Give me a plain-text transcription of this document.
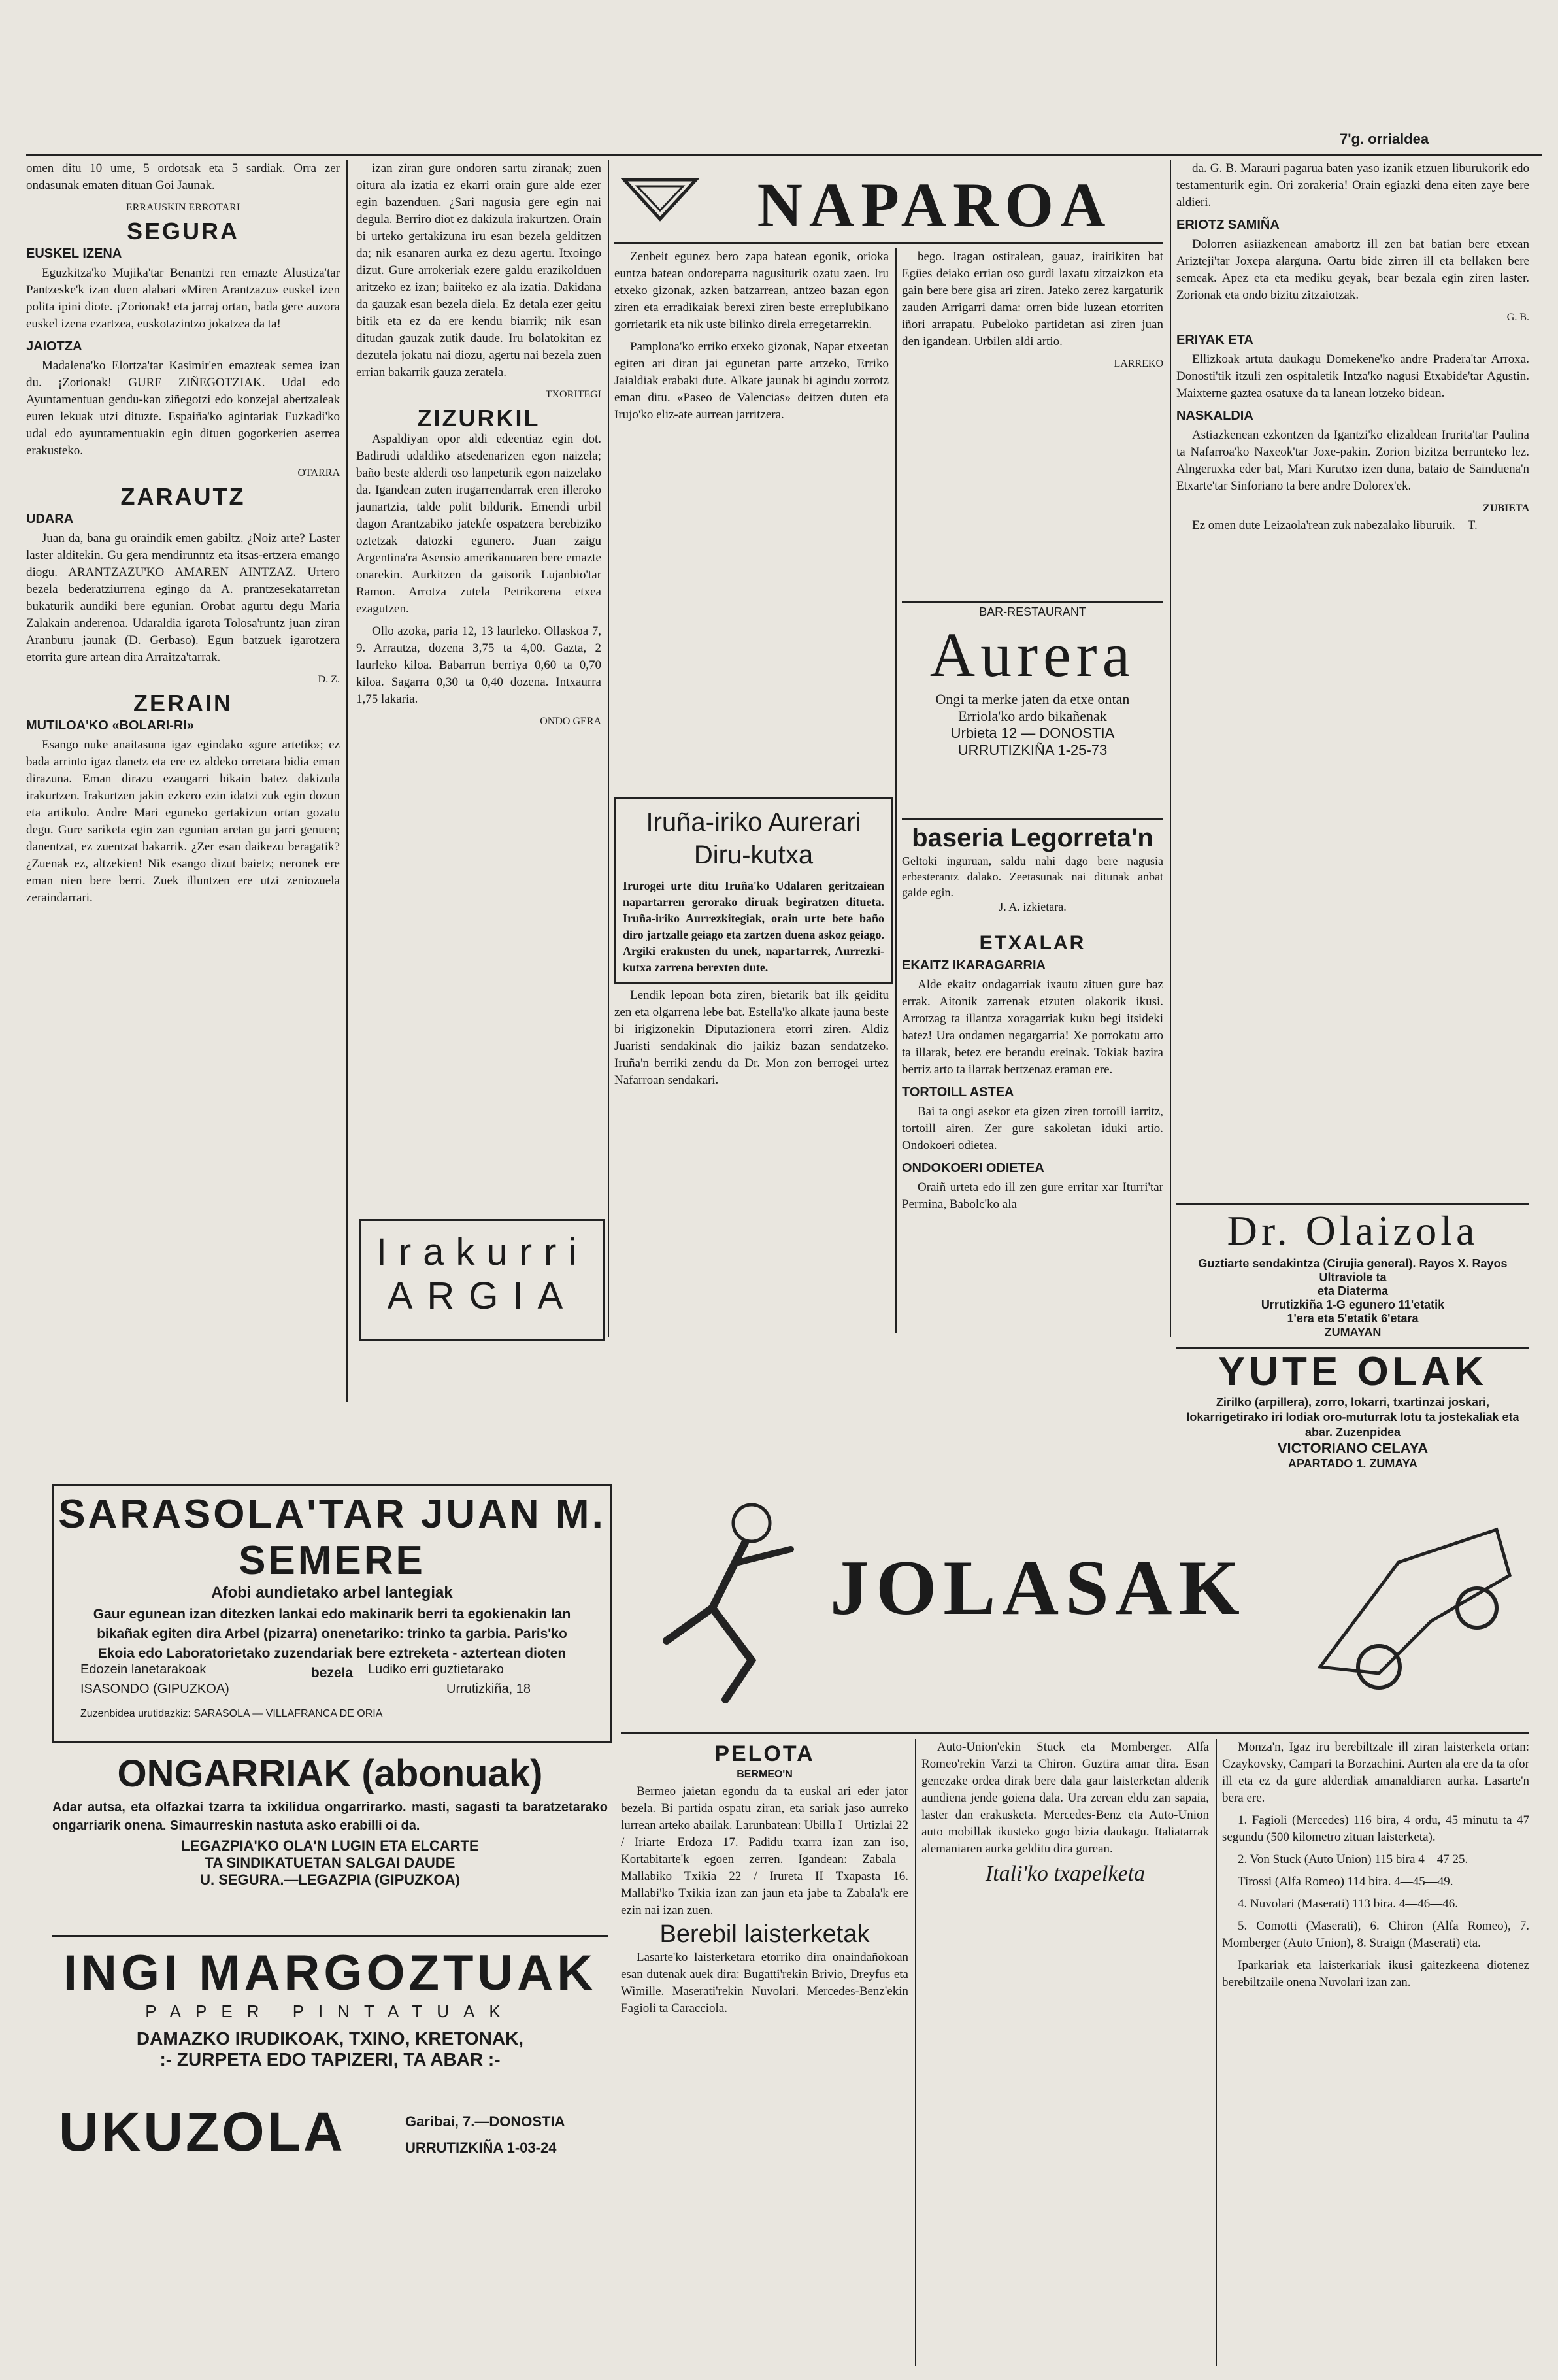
7'g. orrialdea

omen ditu 10 ume, 5 ordotsak eta 5 sardiak. Orra zer ondasunak ematen dituan Goi Jaunak.

ERRAUSKIN ERROTARI
SEGURA
EUSKEL IZENA

Eguzkitza'ko Mujika'tar Benantzi ren emazte Alustiza'tar Pantzeske'k izan duen alabari «Miren Arantzazu» euskel izen polita ipini diote. ¡Zorionak! eta jarraj ortan, bada gere auzora euskel izena ezartzea, euskotazintzo jokatzea da ta!

JAIOTZA

Madalena'ko Elortza'tar Kasimir'en emazteak semea izan du. ¡Zorionak! GURE ZIÑEGOTZIAK. Udal edo Ayuntamentuan gendu-kan ziñegotzi edo konzejal abertzaleak euren lekuak utzi dituzte. Espaiña'ko agintariak Euzkadi'ko udal edo ayuntamentuakin egin dituen gogorkerien aserrea erakusteko.

OTARRA
ZARAUTZ
UDARA

Juan da, bana gu oraindik emen gabiltz. ¿Noiz arte? Laster laster alditekin. Gu gera mendirunntz eta itsas-ertzera emango diogu. ARANTZAZU'KO AMAREN AINTZAZ. Urtero bezela bederatziurrena egingo da A. prantzesekatarretan bukaturik aundiki bere egunian. Orobat agurtu degu Maria Zalakain anderenoa. Udaraldia igarota Tolosa'runtz juan ziran Aranburu jaunak (D. Gerbaso). Egun batzuek igarotzera etorrita gure artean dira Arraitza'tarrak.

D. Z.
ZERAIN
MUTILOA'KO «BOLARI-RI»

Esango nuke anaitasuna igaz egindako «gure artetik»; ez bada arrinto igaz danetz eta ere ez aldeko orretara bidia eman dirazuna. Eman dirazu ezaugarri bikain batez dakizula irakurtzen. Irakurtzen jakin ezkero ezin idatzi zuk egin dozun eta artikulo. Andre Mari eguneko gertakizun ortan gozatu degu. Gure sariketa egin zan egunian aretan gu jarri genuen; danentzat, ez zuentzat bakarrik. ¿Zer esan daikezu beragatik? ¿Zuenak ez, altzekien! Nik esango dizut baietz; neronek ere eman nien bere berri. Zuek illuntzen ere utzi zeniozuela zeraindarrari.

izan ziran gure ondoren sartu ziranak; zuen oitura ala izatia ez ekarri orain gure alde ezer egin bazenduen. ¿Sari nagusia gere egin nai degula. Berriro diot ez dakizula irakurtzen. Orain bi urteko gertakizuna iru esan bezela gelditzen da; nik esanaren aurka ez dezu agertu. Itxoingo dizut. Gure arrokeriak ezere galdu erazikolduen aritzeko ez izan; baiiteko ez ala izatia. Dakidana da gauzak esan bezela diela. Ez detala ezer geitu bitik eta ez da ere kendu biarrik; nik esan ditudan gauzak zutik daude. Iru bolatokitan ez dezutela jokatu nai diozu, agertu nai bezela zuen errian bakarrik gauza zeratela.

TXORITEGI
ZIZURKIL

Aspaldiyan opor aldi edeentiaz egin dot. Badirudi udaldiko atsedenarizen egon naizela; baño beste alderdi oso lanpeturik egon naizelako da. Igandean zuten irugarrendarrak eren illeroko jaunartzia, talde polit bildurik. Emendi urbil dagon Arantzabiko jatekfe ospatzera berebiziko oztetzak datozki egunero. Juan zaigu Argentina'ra Asensio amerikanuaren bere emazte onarekin. Aurkitzen da gaisorik Lujanbio'tar Ramon. Arrotza zutela Petrikorena etxea ezagutzen.

Ollo azoka, paria 12, 13 laurleko. Ollaskoa 7, 9. Arrautza, dozena 3,75 ta 4,00. Gazta, 2 laurleko kiloa. Babarrun berriya 0,60 ta 0,70 kiloa. Sagarra 0,30 ta 0,40 dozena. Intxaurra 1,75 lakaria.

ONDO GERA
Irakurri
ARGIA
NAPAROA

Zenbeit egunez bero zapa batean egonik, orioka euntza batean ondoreparra nagusiturik ozatu zaen. Iru etxeko gizonak, azken batzarrean, antzeo bazan egon ziren eta erradikaiak berexi ziren beste erreplubikano gorrietarik eta nik uste bilinko direla erregetarrekin.

Pamplona'ko erriko etxeko gizonak, Napar etxeetan egiten ari diran jai egunetan parte artzeko, Erriko Jaialdiak erabaki dute. Alkate jaunak bi agindu zorrotz eman ditu. «Paseo de Valencias» deitzen duten eta Irujo'ko eliz-ate aurrean jarritzera.

Iruña-iriko Aurerari Diru-kutxa
Irurogei urte ditu Iruña'ko Udalaren geritzaiean napartarren gerorako diruak begiratzen ditueta. Iruña-iriko Aurrezkitegiak, orain urte bete baño diro jartzalle geiago eta zartzen duena askoz geiago. Argiki erakusten du unek, napartarrek, Aurrezki-kutxa zarrena berexten dute.

Lendik lepoan bota ziren, bietarik bat ilk geiditu zen eta olgarrena lebe bat. Estella'ko alkate jauna beste bi irigizonekin Diputazionera etorri ziren. Aldiz Juaristi sendakinak dio jaikiz bazan sendatzeko. Iruña'n berriki zendu da Dr. Mon zon berrogei urtez Nafarroan sendakari.

bego. Iragan ostiralean, gauaz, iraitikiten bat Egües deiako errian oso gurdi laxatu zitzaizkon eta gain bere bere gisa ari ziren. Jateko zerez kargaturik zauden Arrigarri dama: orren bide luzean etorriten iñori arrapatu. Pubeloko partidetan asi ziren juan den igandean. Urbilen aldi artio.

LARREKO
BAR-RESTAURANT
Aurera
Ongi ta merke jaten da etxe ontan
Erriola'ko ardo bikañenak
Urbieta 12 — DONOSTIA
URRUTIZKIÑA 1-25-73
baseria Legorreta'n
Geltoki inguruan, saldu nahi dago bere nagusia erbesterantz dalako. Zeetasunak nai ditunak anbat galde egin.
J. A. izkietara.
ETXALAR
EKAITZ IKARAGARRIA

Alde ekaitz ondagarriak ixautu zituen gure baz errak. Aitonik zarrenak etzuten olakorik ikusi. Arrotzag ta illantza xoragarriak kuku begi itsideki batez! Ura ondamen negargarria! Xe porrokatu arto ta illarak, betez ere berandu ereinak. Tokiak bazira berriz arto ta ilarrak bertzenaz eraman ere.

TORTOILL ASTEA

Bai ta ongi asekor eta gizen ziren tortoill iarritz, tortoill airen. Zer gure sakoletan iduki artio. Ondokoeri odietea.

ONDOKOERI ODIETEA

Oraiñ urteta edo ill zen gure erritar xar Iturri'tar Permina, Babolc'ko ala

da. G. B. Marauri pagarua baten yaso izanik etzuen liburukorik edo testamenturik egin. Ori zorakeria! Orain egiazki dena eiten zaye bere aldieri.

ERIOTZ SAMIÑA

Dolorren asiiazkenean amabortz ill zen bat batian bere etxean Arizteji'tar Joxepa alarguna. Oartu bide zirren ill eta bellaken bere semeak. Apez eta eta mediku geyak, bear bezala egin ziren laster. Zorionak eta ondo bizitu zitzaiotzak.

G. B.
ERIYAK ETA

Ellizkoak artuta daukagu Domekene'ko andre Pradera'tar Arroxa. Donosti'tik itzuli zen ospitaletik Intza'ko nagusi Etxabide'tar Agustin. Maixterne gaztea osatuxe da ta lanean lotzeko bidean.

NASKALDIA

Astiazkenean ezkontzen da Igantzi'ko elizaldean Irurita'tar Paulina ta Nafarroa'ko Naxeok'tar Joxe-pakin. Zorion bizitza berrunteko lez. Alngeruxka eder bat, Mari Kurutxo izen duna, bataio de Sainduena'n Etxarte'tar Sinforiano ta bere andre Dolorex'ek.

ZUBIETA

Ez omen dute Leizaola'rean zuk nabezalako liburuik.—T.

Dr. Olaizola
Guztiarte sendakintza (Cirujia general). Rayos X. Rayos Ultraviole ta
eta Diaterma
Urrutizkiña 1-G egunero 11'etatik
1'era eta 5'etatik 6'etara
ZUMAYAN
YUTE OLAK
Zirilko (arpillera), zorro, lokarri, txartinzai joskari, lokarrigetirako iri lodiak oro-muturrak lotu ta jostekaliak eta abar. Zuzenpidea
VICTORIANO CELAYA
APARTADO 1. ZUMAYA
SARASOLA'TAR JUAN M. SEMERE
Afobi aundietako arbel lantegiak
Gaur egunean izan ditezken lankai edo makinarik berri ta egokienakin lan bikañak egiten dira Arbel (pizarra) onenetariko: trinko ta garbia. Paris'ko Ekoia edo Laboratorietako zuzendariak bere eztreketa - aztertean dioten bezela
Edozein lanetarakoak	Ludiko erri guztietarako
ISASONDO (GIPUZKOA)	Urrutizkiña, 18
Zuzenbidea urutidazkiz: SARASOLA — VILLAFRANCA DE ORIA
ONGARRIAK (abonuak)
Adar autsa, eta olfazkai tzarra ta ixkilidua ongarrirarko. masti, sagasti ta baratzetarako ongarriarik onena. Simaurreskin nastuta asko erabilli oi da.
LEGAZPIA'KO OLA'N LUGIN ETA ELCARTE
TA SINDIKATUETAN SALGAI DAUDE
U. SEGURA.—LEGAZPIA (GIPUZKOA)
INGI MARGOZTUAK
PAPER PINTATUAK
DAMAZKO IRUDIKOAK, TXINO, KRETONAK,
:- ZURPETA EDO TAPIZERI, TA ABAR :-
UKUZOLA	Garibai, 7.—DONOSTIA
URRUTIZKIÑA 1-03-24
JOLASAK
PELOTA
BERMEO'N

Bermeo jaietan egondu da ta euskal ari eder jator bezela. Bi partida ospatu ziran, eta sariak jaso aurreko lurrean arteko abailak. Larunbatean: Ubilla I—Urtizlai 22 / Iriarte—Erdoza 17. Padidu txarra izan zan iso, Kortabitarte'k egoen zerren. Igandean: Zabala—Mallabiko Txikia 22 / Irureta II—Txapasta 16. Mallabi'ko Txikia izan zan jaun eta jabe ta Zabala'k ere ezin nai izan zuen.

Berebil laisterketak

Lasarte'ko laisterketara etorriko dira onaindañokoan esan dutenak auek dira: Bugatti'rekin Brivio, Dreyfus eta Wimille. Maserati'rekin Nuvolari. Mercedes-Benz'ekin Fagioli ta Caracciola.

Auto-Union'ekin Stuck eta Momberger. Alfa Romeo'rekin Varzi ta Chiron. Guztira amar dira. Esan genezake ordea dirak bere dala gaur laisterketan alderik aundiena jende goiena dala. Ura zerean eldu zan sapaia, laster dan erakusketa. Mercedes-Benz eta Auto-Union auto mobillak ikusteko gogo bizia daukagu. Italiatarrak alemaniaren aurka gelditu dira gurean.

Itali'ko txapelketa

Monza'n, Igaz iru berebiltzale ill ziran laisterketa ortan: Czaykovsky, Campari ta Borzachini. Aurten ala ere da ta ofor ill eta ez da gure alderdiak amanaldiaren aurka. Lasarte'n bera ere.

1. Fagioli (Mercedes) 116 bira, 4 ordu, 45 minutu ta 47 segundu (500 kilometro zituan laisterketa).

2. Von Stuck (Auto Union) 115 bira 4—47 25.

Tirossi (Alfa Romeo) 114 bira. 4—45—49.

4. Nuvolari (Maserati) 113 bira. 4—46—46.

5. Comotti (Maserati), 6. Chiron (Alfa Romeo), 7. Momberger (Auto Union), 8. Straign (Maserati) eta.

Iparkariak eta laisterkariak ikusi gaitezkeena diotenez berebiltzaile onena Nuvolari izan zan.
